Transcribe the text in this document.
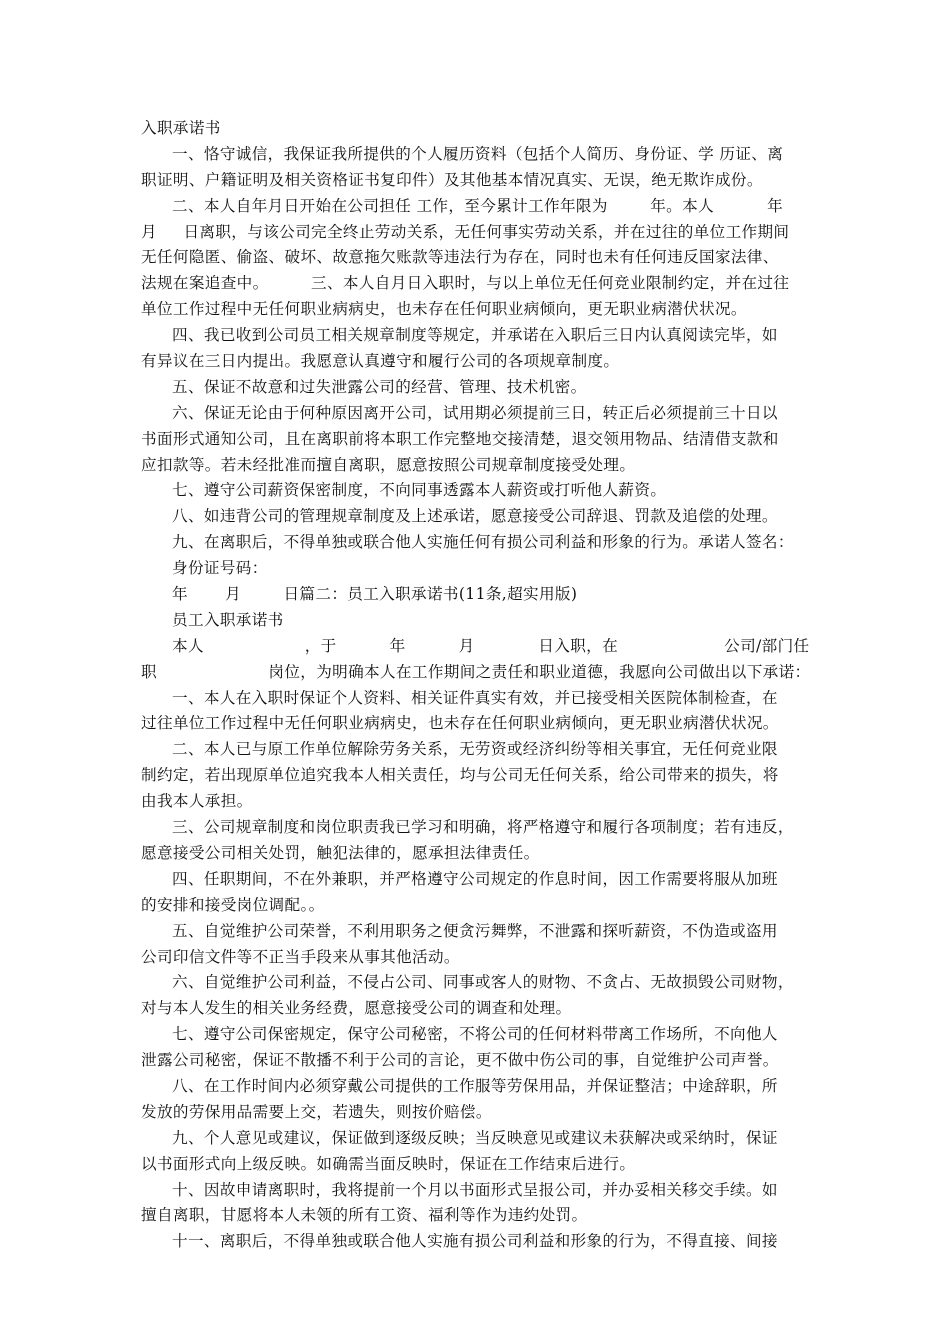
入职承诺书
一、恪守诚信，我保证我所提供的个人履历资料（包括个人简历、身份证、学 历证、离
职证明、户籍证明及相关资格证书复印件）及其他基本情况真实、无误，绝无欺诈成份。
二、本人自年月日开始在公司担任 工作，至今累计工作年限为        年。本人          年
月     日离职，与该公司完全终止劳动关系，无任何事实劳动关系，并在过往的单位工作期间
无任何隐匿、偷盗、破坏、故意拖欠账款等违法行为存在，同时也未有任何违反国家法律、
法规在案追查中。        三、本人自月日入职时，与以上单位无任何竞业限制约定，并在过往
单位工作过程中无任何职业病病史，也未存在任何职业病倾向，更无职业病潜伏状况。
四、我已收到公司员工相关规章制度等规定，并承诺在入职后三日内认真阅读完毕，如
有异议在三日内提出。我愿意认真遵守和履行公司的各项规章制度。
五、保证不故意和过失泄露公司的经营、管理、技术机密。
六、保证无论由于何种原因离开公司，试用期必须提前三日，转正后必须提前三十日以
书面形式通知公司，且在离职前将本职工作完整地交接清楚，退交领用物品、结清借支款和
应扣款等。若未经批准而擅自离职，愿意按照公司规章制度接受处理。
七、遵守公司薪资保密制度，不向同事透露本人薪资或打听他人薪资。
八、如违背公司的管理规章制度及上述承诺，愿意接受公司辞退、罚款及追偿的处理。
九、在离职后，不得单独或联合他人实施任何有损公司利益和形象的行为。承诺人签名：
身份证号码：
年       月        日篇二：员工入职承诺书(11条,超实用版)
员工入职承诺书
本人                   ，于          年          月            日入职，在                    公司/部门任
职                     岗位，为明确本人在工作期间之责任和职业道德，我愿向公司做出以下承诺：
一、本人在入职时保证个人资料、相关证件真实有效，并已接受相关医院体制检查，在
过往单位工作过程中无任何职业病病史，也未存在任何职业病倾向，更无职业病潜伏状况。
二、本人已与原工作单位解除劳务关系，无劳资或经济纠纷等相关事宜，无任何竞业限
制约定，若出现原单位追究我本人相关责任，均与公司无任何关系，给公司带来的损失，将
由我本人承担。
三、公司规章制度和岗位职责我已学习和明确，将严格遵守和履行各项制度；若有违反，
愿意接受公司相关处罚，触犯法律的，愿承担法律责任。
四、任职期间，不在外兼职，并严格遵守公司规定的作息时间，因工作需要将服从加班
的安排和接受岗位调配。。
五、自觉维护公司荣誉，不利用职务之便贪污舞弊，不泄露和探听薪资，不伪造或盗用
公司印信文件等不正当手段来从事其他活动。
六、自觉维护公司利益，不侵占公司、同事或客人的财物、不贪占、无故损毁公司财物，
对与本人发生的相关业务经费，愿意接受公司的调查和处理。
七、遵守公司保密规定，保守公司秘密，不将公司的任何材料带离工作场所，不向他人
泄露公司秘密，保证不散播不利于公司的言论，更不做中伤公司的事，自觉维护公司声誉。
八、在工作时间内必须穿戴公司提供的工作服等劳保用品，并保证整洁；中途辞职，所
发放的劳保用品需要上交，若遗失，则按价赔偿。
九、个人意见或建议，保证做到逐级反映；当反映意见或建议未获解决或采纳时，保证
以书面形式向上级反映。如确需当面反映时，保证在工作结束后进行。
十、因故申请离职时，我将提前一个月以书面形式呈报公司，并办妥相关移交手续。如
擅自离职，甘愿将本人未领的所有工资、福利等作为违约处罚。
十一、离职后，不得单独或联合他人实施有损公司利益和形象的行为，不得直接、间接
